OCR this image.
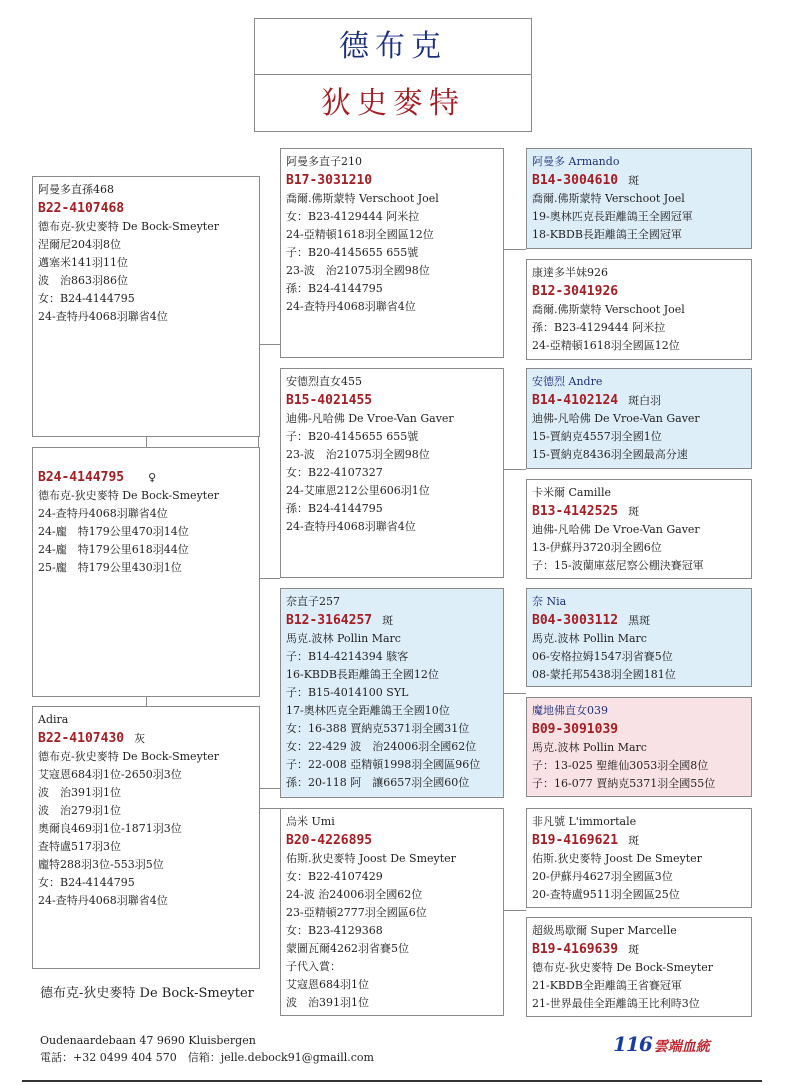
德布克
狄史麥特
阿曼多直孫468
B22-4107468
德布克-狄史麥特 De Bock-Smeyter
涅爾尼204羽8位
邁塞米141羽11位
波　治863羽86位
女：B24-4144795
24-查特丹4068羽聯省4位
B24-4144795 ♀
德布克-狄史麥特 De Bock-Smeyter
24-查特丹4068羽聯省4位
24-龐　特179公里470羽14位
24-龐　特179公里618羽44位
25-龐　特179公里430羽1位
Adira
B22-4107430 灰
德布克-狄史麥特 De Bock-Smeyter
艾寇恩684羽1位-2650羽3位
波　治391羽1位
波　治279羽1位
奧爾良469羽1位-1871羽3位
查特盧517羽3位
龐特288羽3位-553羽5位
女：B24-4144795
24-查特丹4068羽聯省4位
阿曼多直子210
B17-3031210
喬爾.佛斯蒙特 Verschoot Joel
女：B23-4129444 阿米拉
24-亞精頓1618羽全國區12位
子：B20-4145655 655號
23-波　治21075羽全國98位
孫：B24-4144795
24-查特丹4068羽聯省4位
安德烈直女455
B15-4021455
迪佛-凡哈佛 De Vroe-Van Gaver
子：B20-4145655 655號
23-波　治21075羽全國98位
女：B22-4107327
24-艾庫恩212公里606羽1位
孫：B24-4144795
24-查特丹4068羽聯省4位
奈直子257
B12-3164257 斑
馬克.波林 Pollin Marc
子：B14-4214394 駭客
16-KBDB長距離鴿王全國12位
子：B15-4014100 SYL
17-奧林匹克全距離鴿王全國10位
女：16-388 賈納克5371羽全國31位
女：22-429 波　治24006羽全國62位
子：22-008 亞精頓1998羽全國區96位
孫：20-118 阿　讓6657羽全國60位
烏米 Umi
B20-4226895
佑斯.狄史麥特 Joost De Smeyter
女：B22-4107429
24-波 治24006羽全國62位
23-亞精頓2777羽全國區6位
女：B23-4129368
蒙圖瓦爾4262羽省賽5位
子代入賞：
艾寇恩684羽1位
波　治391羽1位
阿曼多 Armando
B14-3004610 斑
喬爾.佛斯蒙特 Verschoot Joel
19-奧林匹克長距離鴿王全國冠軍
18-KBDB長距離鴿王全國冠軍
康達多半妹926
B12-3041926
喬爾.佛斯蒙特 Verschoot Joel
孫：B23-4129444 阿米拉
24-亞精頓1618羽全國區12位
安德烈 Andre
B14-4102124 斑白羽
迪佛-凡哈佛 De Vroe-Van Gaver
15-賈納克4557羽全國1位
15-賈納克8436羽全國最高分速
卡米爾 Camille
B13-4142525 斑
迪佛-凡哈佛 De Vroe-Van Gaver
13-伊蘇丹3720羽全國6位
子：15-波蘭庫茲尼察公棚決賽冠軍
奈 Nia
B04-3003112 黑斑
馬克.波林 Pollin Marc
06-安格拉姆1547羽省賽5位
08-蒙托邦5438羽全國181位
魔地佛直女039
B09-3091039
馬克.波林 Pollin Marc
子：13-025 聖維仙3053羽全國8位
子：16-077 賈納克5371羽全國55位
非凡號 L'immortale
B19-4169621 斑
佑斯.狄史麥特 Joost De Smeyter
20-伊蘇丹4627羽全國區3位
20-查特盧9511羽全國區25位
超級馬歇爾 Super Marcelle
B19-4169639 斑
德布克-狄史麥特 De Bock-Smeyter
21-KBDB全距離鴿王省賽冠軍
21-世界最佳全距離鴿王比利時3位
德布克-狄史麥特 De Bock-Smeyter
Oudenaardebaan 47 9690 Kluisbergen
電話：+32 0499 404 570　信箱：jelle.debock91@gmaill.com
116 雲端血統
